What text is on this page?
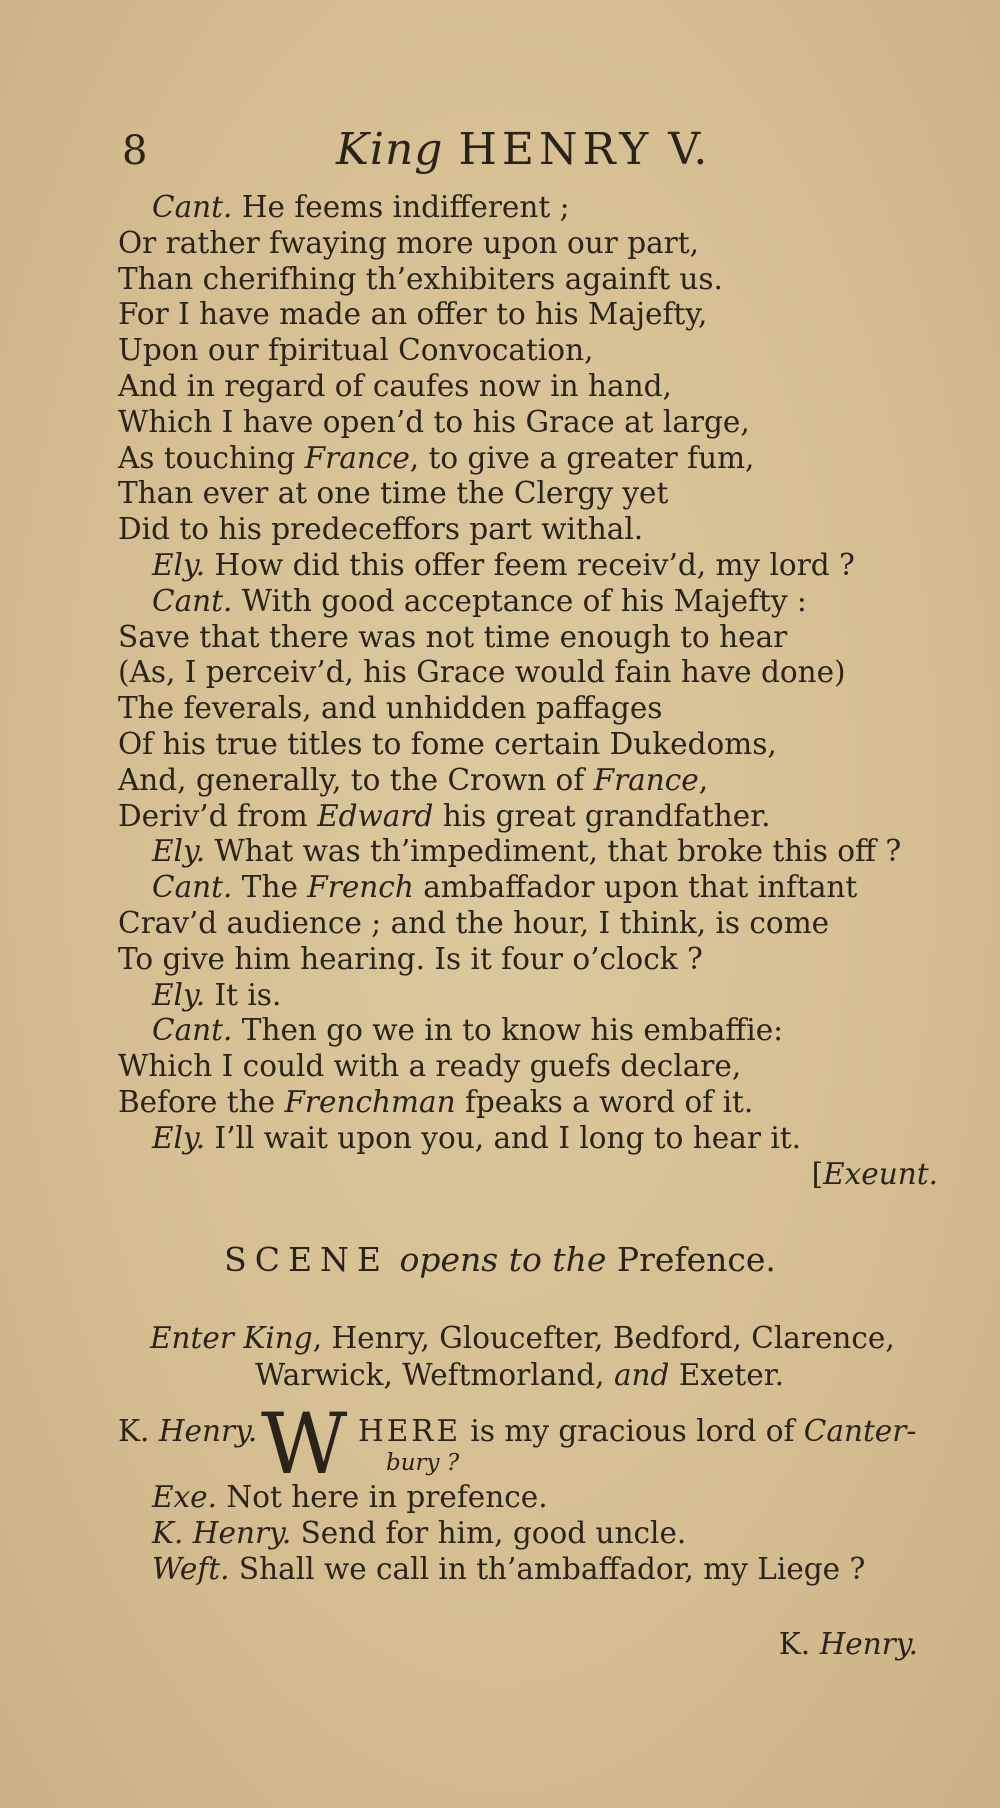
8	King HENRY V.
Cant. He feems indifferent ;
Or rather fwaying more upon our part,
Than cherifhing th’exhibiters againft us.
For I have made an offer to his Majefty,
Upon our fpiritual Convocation,
And in regard of caufes now in hand,
Which I have open’d to his Grace at large,
As touching France, to give a greater fum,
Than ever at one time the Clergy yet
Did to his predeceffors part withal.
Ely. How did this offer feem receiv’d, my lord ?
Cant. With good acceptance of his Majefty :
Save that there was not time enough to hear
(As, I perceiv’d, his Grace would fain have done)
The feverals, and unhidden paffages
Of his true titles to fome certain Dukedoms,
And, generally, to the Crown of France,
Deriv’d from Edward his great grandfather.
Ely. What was th’impediment, that broke this off ?
Cant. The French ambaffador upon that inftant
Crav’d audience ; and the hour, I think, is come
To give him hearing. Is it four o’clock ?
Ely. It is.
Cant. Then go we in to know his embaffie:
Which I could with a ready guefs declare,
Before the Frenchman fpeaks a word of it.
Ely. I’ll wait upon you, and I long to hear it.
[Exeunt.
SCENE opens to the Prefence.
Enter King, Henry, Gloucefter, Bedford, Clarence,
Warwick, Weftmorland, and Exeter.
K. Henry. W HERE is my gracious lord of Canter-
bury ?
Exe. Not here in prefence.
K. Henry. Send for him, good uncle.
Weft. Shall we call in th’ambaffador, my Liege ?
K. Henry.
